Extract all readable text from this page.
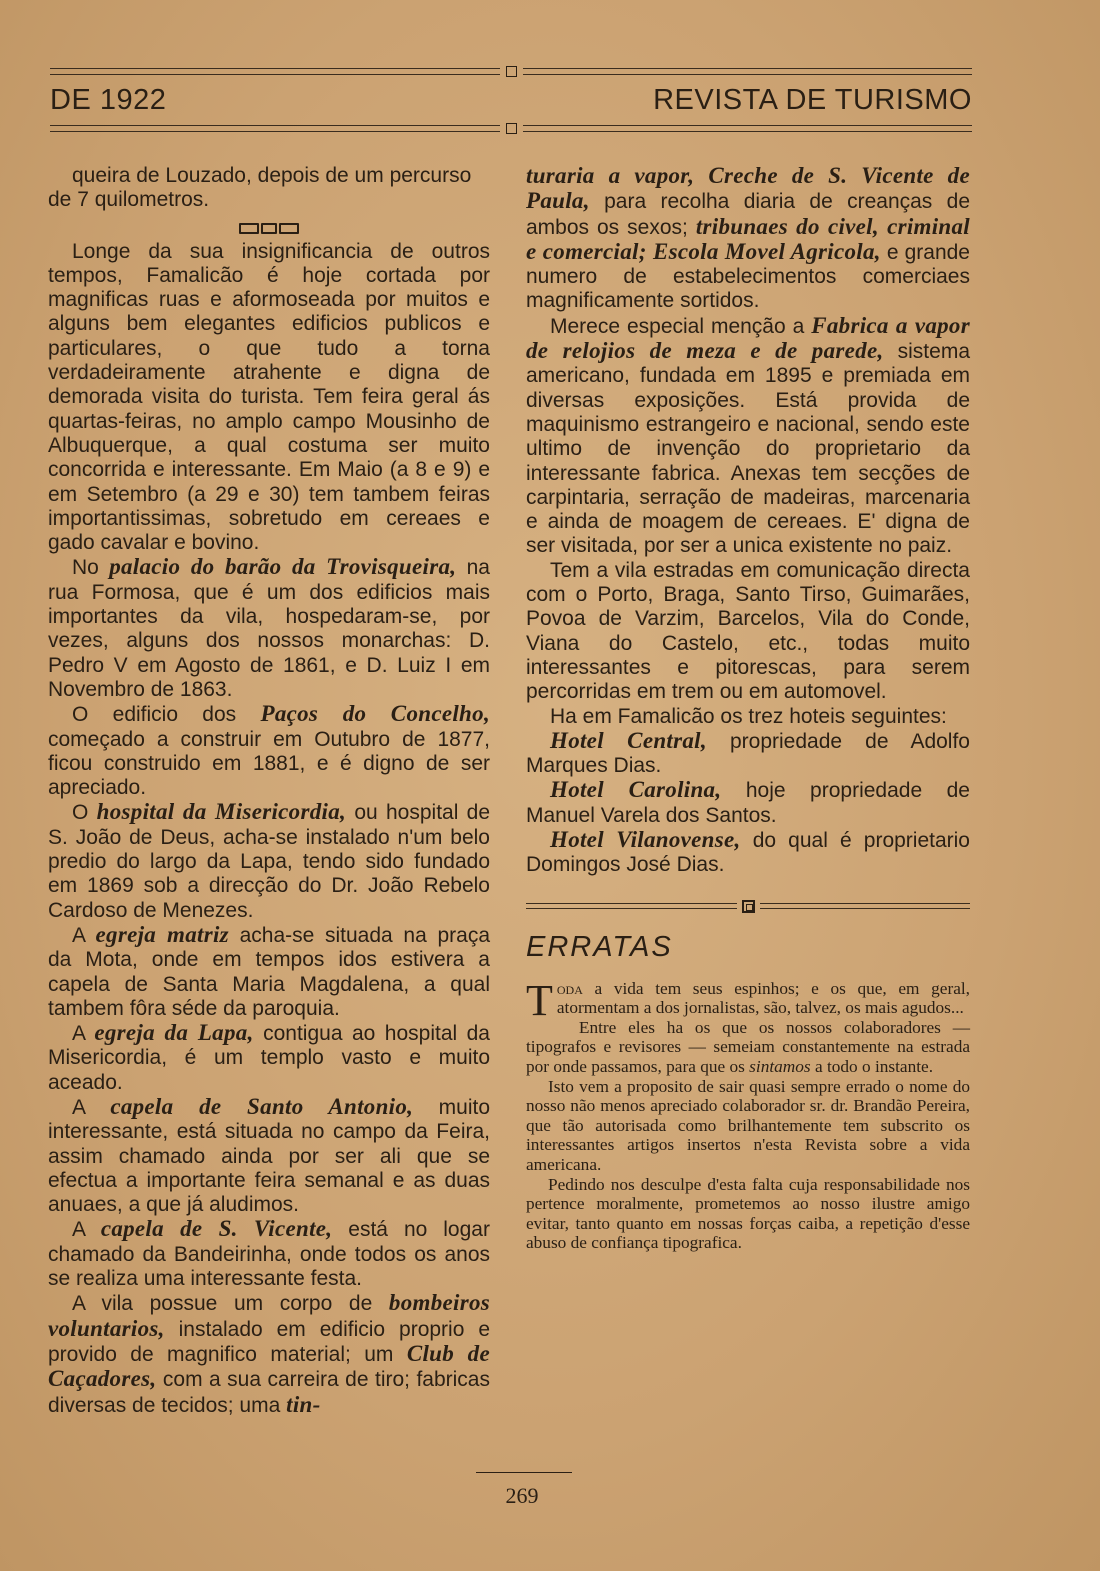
DE 1922	REVISTA DE TURISMO

queira de Louzado, depois de um percurso de 7 quilometros.

Longe da sua insignificancia de outros tempos, Famalicão é hoje cortada por magnificas ruas e aformoseada por muitos e alguns bem elegantes edificios publicos e particulares, o que tudo a torna verdadeiramente atrahente e digna de demorada visita do turista. Tem feira geral ás quartas-feiras, no amplo campo Mousinho de Albuquerque, a qual costuma ser muito concorrida e interessante. Em Maio (a 8 e 9) e em Setembro (a 29 e 30) tem tambem feiras importantissimas, sobretudo em cereaes e gado cavalar e bovino.

No palacio do barão da Trovisqueira, na rua Formosa, que é um dos edificios mais importantes da vila, hospedaram-se, por vezes, alguns dos nossos monarchas: D. Pedro V em Agosto de 1861, e D. Luiz I em Novembro de 1863.

O edificio dos Paços do Concelho, começado a construir em Outubro de 1877, ficou construido em 1881, e é digno de ser apreciado.

O hospital da Misericordia, ou hospital de S. João de Deus, acha-se instalado n'um belo predio do largo da Lapa, tendo sido fundado em 1869 sob a direcção do Dr. João Rebelo Cardoso de Menezes.

A egreja matriz acha-se situada na praça da Mota, onde em tempos idos estivera a capela de Santa Maria Magdalena, a qual tambem fôra séde da paroquia.

A egreja da Lapa, contigua ao hospital da Misericordia, é um templo vasto e muito aceado.

A capela de Santo Antonio, muito interessante, está situada no campo da Feira, assim chamado ainda por ser ali que se efectua a importante feira semanal e as duas anuaes, a que já aludimos.

A capela de S. Vicente, está no logar chamado da Bandeirinha, onde todos os anos se realiza uma interessante festa.

A vila possue um corpo de bombeiros voluntarios, instalado em edificio proprio e provido de magnifico material; um Club de Caçadores, com a sua carreira de tiro; fabricas diversas de tecidos; uma tin-

turaria a vapor, Creche de S. Vicente de Paula, para recolha diaria de creanças de ambos os sexos; tribunaes do civel, criminal e comercial; Escola Movel Agricola, e grande numero de estabelecimentos comerciaes magnificamente sortidos.

Merece especial menção a Fabrica a vapor de relojios de meza e de parede, sistema americano, fundada em 1895 e premiada em diversas exposições. Está provida de maquinismo estrangeiro e nacional, sendo este ultimo de invenção do proprietario da interessante fabrica. Anexas tem secções de carpintaria, serração de madeiras, marcenaria e ainda de moagem de cereaes. E' digna de ser visitada, por ser a unica existente no paiz.

Tem a vila estradas em comunicação directa com o Porto, Braga, Santo Tirso, Guimarães, Povoa de Varzim, Barcelos, Vila do Conde, Viana do Castelo, etc., todas muito interessantes e pitorescas, para serem percorridas em trem ou em automovel.

Ha em Famalicão os trez hoteis seguintes:

Hotel Central, propriedade de Adolfo Marques Dias.

Hotel Carolina, hoje propriedade de Manuel Varela dos Santos.

Hotel Vilanovense, do qual é proprietario Domingos José Dias.

ERRATAS

Toda a vida tem seus espinhos; e os que, em geral, atormentam a dos jornalistas, são, talvez, os mais agudos...

Entre eles ha os que os nossos colaboradores — tipografos e revisores — semeiam constantemente na estrada por onde passamos, para que os sintamos a todo o instante.

Isto vem a proposito de sair quasi sempre errado o nome do nosso não menos apreciado colaborador sr. dr. Brandão Pereira, que tão autorisada como brilhantemente tem subscrito os interessantes artigos insertos n'esta Revista sobre a vida americana.

Pedindo nos desculpe d'esta falta cuja responsabilidade nos pertence moralmente, prometemos ao nosso ilustre amigo evitar, tanto quanto em nossas forças caiba, a repetição d'esse abuso de confiança tipografica.

269
